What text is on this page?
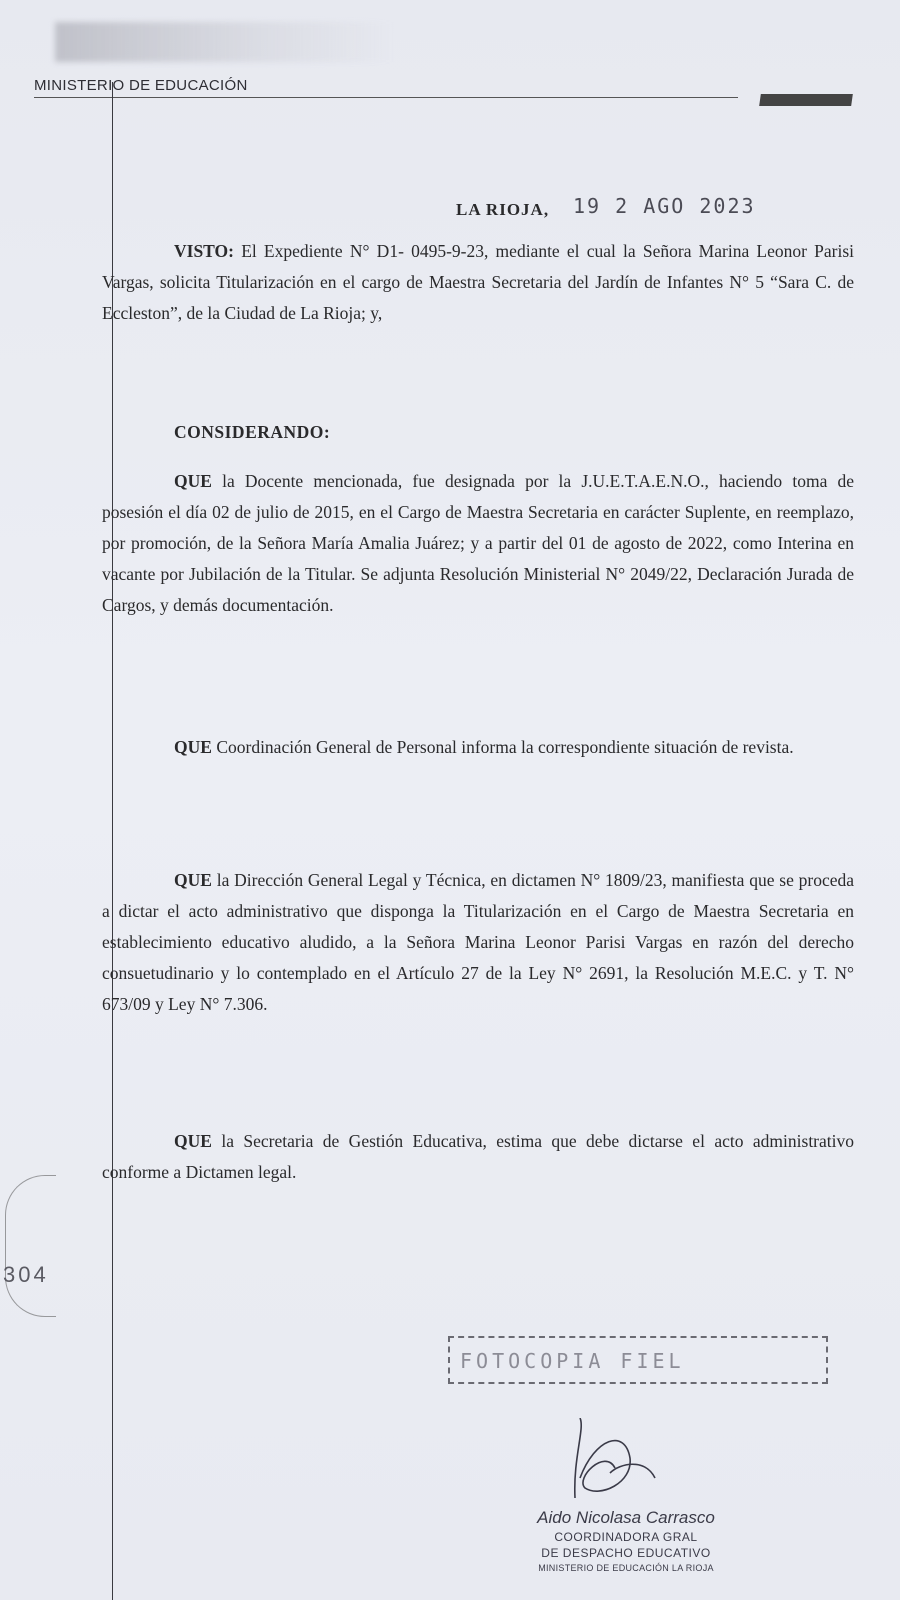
MINISTERIO DE EDUCACIÓN
LA RIOJA, 19 2 AGO 2023

VISTO: El Expediente N° D1- 0495-9-23, mediante el cual la Señora Marina Leonor Parisi Vargas, solicita Titularización en el cargo de Maestra Secretaria del Jardín de Infantes N° 5 “Sara C. de Eccleston”, de la Ciudad de La Rioja; y,

CONSIDERANDO:

QUE la Docente mencionada, fue designada por la J.U.E.T.A.E.N.O., haciendo toma de posesión el día 02 de julio de 2015, en el Cargo de Maestra Secretaria en carácter Suplente, en reemplazo, por promoción, de la Señora María Amalia Juárez; y a partir del 01 de agosto de 2022, como Interina en vacante por Jubilación de la Titular. Se adjunta Resolución Ministerial N° 2049/22, Declaración Jurada de Cargos, y demás documentación.

QUE Coordinación General de Personal informa la correspondiente situación de revista.

QUE la Dirección General Legal y Técnica, en dictamen N° 1809/23, manifiesta que se proceda a dictar el acto administrativo que disponga la Titularización en el Cargo de Maestra Secretaria en establecimiento educativo aludido, a la Señora Marina Leonor Parisi Vargas en razón del derecho consuetudinario y lo contemplado en el Artículo 27 de la Ley N° 2691, la Resolución M.E.C. y T. N° 673/09 y Ley N° 7.306.

QUE la Secretaria de Gestión Educativa, estima que debe dictarse el acto administrativo conforme a Dictamen legal.

304
FOTOCOPIA FIEL
Aido Nicolasa Carrasco
COORDINADORA GRAL
DE DESPACHO EDUCATIVO
MINISTERIO DE EDUCACIÓN LA RIOJA
